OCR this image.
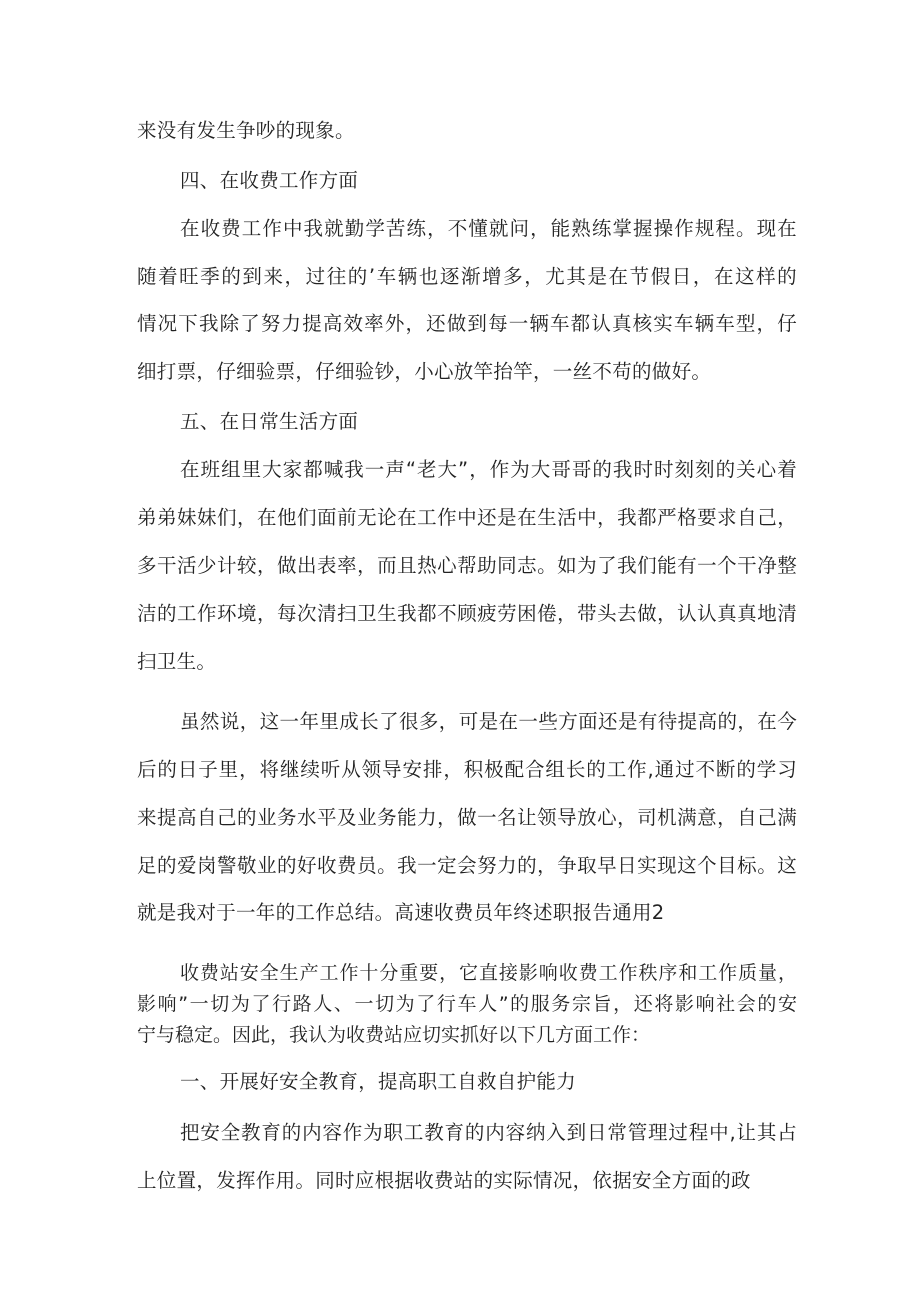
来没有发生争吵的现象。
四、在收费工作方面
在收费工作中我就勤学苦练，不懂就问，能熟练掌握操作规程。现在
随着旺季的到来，过往的’车辆也逐渐增多，尤其是在节假日，在这样的
情况下我除了努力提高效率外，还做到每一辆车都认真核实车辆车型，仔
细打票，仔细验票，仔细验钞，小心放竿抬竿，一丝不苟的做好。
五、在日常生活方面
在班组里大家都喊我一声“老大”，作为大哥哥的我时时刻刻的关心着
弟弟妹妹们，在他们面前无论在工作中还是在生活中，我都严格要求自己，
多干活少计较，做出表率，而且热心帮助同志。如为了我们能有一个干净整
洁的工作环境，每次清扫卫生我都不顾疲劳困倦，带头去做，认认真真地清
扫卫生。
虽然说，这一年里成长了很多，可是在一些方面还是有待提高的，在今
后的日子里，将继续听从领导安排，积极配合组长的工作,通过不断的学习
来提高自己的业务水平及业务能力，做一名让领导放心，司机满意，自己满
足的爱岗警敬业的好收费员。我一定会努力的，争取早日实现这个目标。这
就是我对于一年的工作总结。高速收费员年终述职报告通用2
收费站安全生产工作十分重要，它直接影响收费工作秩序和工作质量，
影响”一切为了行路人、一切为了行车人”的服务宗旨，还将影响社会的安
宁与稳定。因此，我认为收费站应切实抓好以下几方面工作：
一、开展好安全教育，提高职工自救自护能力
把安全教育的内容作为职工教育的内容纳入到日常管理过程中,让其占
上位置，发挥作用。同时应根据收费站的实际情况，依据安全方面的政
